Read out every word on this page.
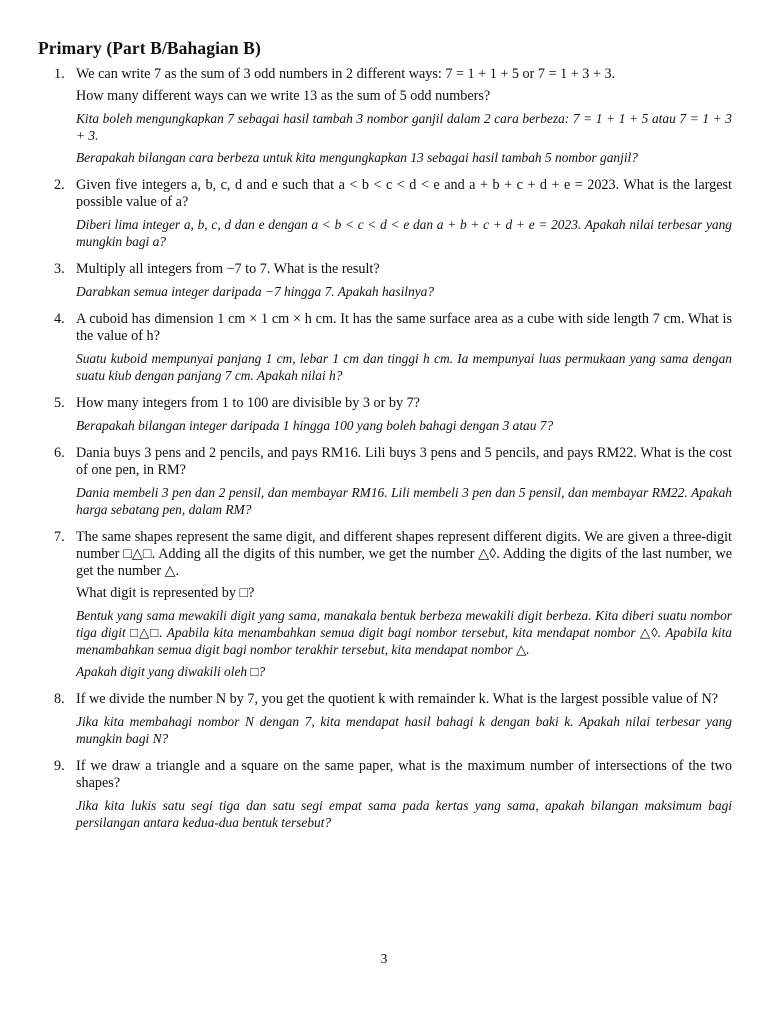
Primary (Part B/Bahagian B)
1. We can write 7 as the sum of 3 odd numbers in 2 different ways: 7 = 1 + 1 + 5 or 7 = 1 + 3 + 3.

How many different ways can we write 13 as the sum of 5 odd numbers?

Kita boleh mengungkapkan 7 sebagai hasil tambah 3 nombor ganjil dalam 2 cara berbeza: 7 = 1 + 1 + 5 atau 7 = 1 + 3 + 3.

Berapakah bilangan cara berbeza untuk kita mengungkapkan 13 sebagai hasil tambah 5 nombor ganjil?

2. Given five integers a, b, c, d and e such that a < b < c < d < e and a + b + c + d + e = 2023. What is the largest possible value of a?

Diberi lima integer a, b, c, d dan e dengan a < b < c < d < e dan a + b + c + d + e = 2023. Apakah nilai terbesar yang mungkin bagi a?

3. Multiply all integers from −7 to 7. What is the result?

Darabkan semua integer daripada −7 hingga 7. Apakah hasilnya?

4. A cuboid has dimension 1 cm × 1 cm × h cm. It has the same surface area as a cube with side length 7 cm. What is the value of h?

Suatu kuboid mempunyai panjang 1 cm, lebar 1 cm dan tinggi h cm. Ia mempunyai luas permukaan yang sama dengan suatu kiub dengan panjang 7 cm. Apakah nilai h?

5. How many integers from 1 to 100 are divisible by 3 or by 7?

Berapakah bilangan integer daripada 1 hingga 100 yang boleh bahagi dengan 3 atau 7?

6. Dania buys 3 pens and 2 pencils, and pays RM16. Lili buys 3 pens and 5 pencils, and pays RM22. What is the cost of one pen, in RM?

Dania membeli 3 pen dan 2 pensil, dan membayar RM16. Lili membeli 3 pen dan 5 pensil, dan membayar RM22. Apakah harga sebatang pen, dalam RM?

7. The same shapes represent the same digit, and different shapes represent different digits. We are given a three-digit number □△□. Adding all the digits of this number, we get the number △◊. Adding the digits of the last number, we get the number △.

What digit is represented by □?

Bentuk yang sama mewakili digit yang sama, manakala bentuk berbeza mewakili digit berbeza. Kita diberi suatu nombor tiga digit □△□. Apabila kita menambahkan semua digit bagi nombor tersebut, kita mendapat nombor △◊. Apabila kita menambahkan semua digit bagi nombor terakhir tersebut, kita mendapat nombor △.

Apakah digit yang diwakili oleh □?

8. If we divide the number N by 7, you get the quotient k with remainder k. What is the largest possible value of N?

Jika kita membahagi nombor N dengan 7, kita mendapat hasil bahagi k dengan baki k. Apakah nilai terbesar yang mungkin bagi N?

9. If we draw a triangle and a square on the same paper, what is the maximum number of intersections of the two shapes?

Jika kita lukis satu segi tiga dan satu segi empat sama pada kertas yang sama, apakah bilangan maksimum bagi persilangan antara kedua-dua bentuk tersebut?

3
